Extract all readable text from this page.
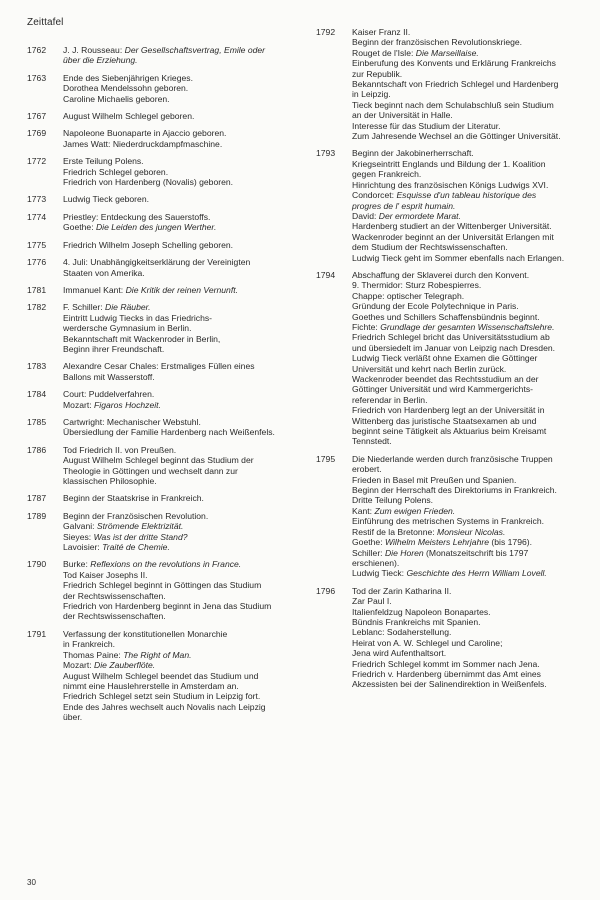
Zeittafel
1762	J. J. Rousseau: Der Gesellschaftsvertrag, Emile oder
über die Erziehung.
1763	Ende des Siebenjährigen Krieges.
Dorothea Mendelssohn geboren.
Caroline Michaelis geboren.
1767	August Wilhelm Schlegel geboren.
1769	Napoleone Buonaparte in Ajaccio geboren.
James Watt: Niederdruckdampfmaschine.
1772	Erste Teilung Polens.
Friedrich Schlegel geboren.
Friedrich von Hardenberg (Novalis) geboren.
1773	Ludwig Tieck geboren.
1774	Priestley: Entdeckung des Sauerstoffs.
Goethe: Die Leiden des jungen Werther.
1775	Friedrich Wilhelm Joseph Schelling geboren.
1776	4. Juli: Unabhängigkeitserklärung der Vereinigten
Staaten von Amerika.
1781	Immanuel Kant: Die Kritik der reinen Vernunft.
1782	F. Schiller: Die Räuber.
Eintritt Ludwig Tiecks in das Friedrichs-
werdersche Gymnasium in Berlin.
Bekanntschaft mit Wackenroder in Berlin,
Beginn ihrer Freundschaft.
1783	Alexandre Cesar Chales: Erstmaliges Füllen eines
Ballons mit Wasserstoff.
1784	Court: Puddelverfahren.
Mozart: Figaros Hochzeit.
1785	Cartwright: Mechanischer Webstuhl.
Übersiedlung der Familie Hardenberg nach Weißenfels.
1786	Tod Friedrich II. von Preußen.
August Wilhelm Schlegel beginnt das Studium der
Theologie in Göttingen und wechselt dann zur
klassischen Philosophie.
1787	Beginn der Staatskrise in Frankreich.
1789	Beginn der Französischen Revolution.
Galvani: Strömende Elektrizität.
Sieyes: Was ist der dritte Stand?
Lavoisier: Traité de Chemie.
1790	Burke: Reflexions on the revolutions in France.
Tod Kaiser Josephs II.
Friedrich Schlegel beginnt in Göttingen das Studium
der Rechtswissenschaften.
Friedrich von Hardenberg beginnt in Jena das Studium
der Rechtswissenschaften.
1791	Verfassung der konstitutionellen Monarchie
in Frankreich.
Thomas Paine: The Right of Man.
Mozart: Die Zauberflöte.
August Wilhelm Schlegel beendet das Studium und
nimmt eine Hauslehrerstelle in Amsterdam an.
Friedrich Schlegel setzt sein Studium in Leipzig fort.
Ende des Jahres wechselt auch Novalis nach Leipzig
über.
1792	Kaiser Franz II.
Beginn der französischen Revolutionskriege.
Rouget de l'Isle: Die Marseillaise.
Einberufung des Konvents und Erklärung Frankreichs
zur Republik.
Bekanntschaft von Friedrich Schlegel und Hardenberg
in Leipzig.
Tieck beginnt nach dem Schulabschluß sein Studium
an der Universität in Halle.
Interesse für das Studium der Literatur.
Zum Jahresende Wechsel an die Göttinger Universität.
1793	Beginn der Jakobinerherrschaft.
Kriegseintritt Englands und Bildung der 1. Koalition
gegen Frankreich.
Hinrichtung des französischen Königs Ludwigs XVI.
Condorcet: Esquisse d'un tableau historique des
progres de l' esprit humain.
David: Der ermordete Marat.
Hardenberg studiert an der Wittenberger Universität.
Wackenroder beginnt an der Universität Erlangen mit
dem Studium der Rechtswissenschaften.
Ludwig Tieck geht im Sommer ebenfalls nach Erlangen.
1794	Abschaffung der Sklaverei durch den Konvent.
9. Thermidor: Sturz Robespierres.
Chappe: optischer Telegraph.
Gründung der Ecole Polytechnique in Paris.
Goethes und Schillers Schaffensbündnis beginnt.
Fichte: Grundlage der gesamten Wissenschaftslehre.
Friedrich Schlegel bricht das Universitätsstudium ab
und übersiedelt im Januar von Leipzig nach Dresden.
Ludwig Tieck verläßt ohne Examen die Göttinger
Universität und kehrt nach Berlin zurück.
Wackenroder beendet das Rechtsstudium an der
Göttinger Universität und wird Kammergerichts-
referendar in Berlin.
Friedrich von Hardenberg legt an der Universität in
Wittenberg das juristische Staatsexamen ab und
beginnt seine Tätigkeit als Aktuarius beim Kreisamt
Tennstedt.
1795	Die Niederlande werden durch französische Truppen
erobert.
Frieden in Basel mit Preußen und Spanien.
Beginn der Herrschaft des Direktoriums in Frankreich.
Dritte Teilung Polens.
Kant: Zum ewigen Frieden.
Einführung des metrischen Systems in Frankreich.
Restif de la Bretonne: Monsieur Nicolas.
Goethe: Wilhelm Meisters Lehrjahre (bis 1796).
Schiller: Die Horen (Monatszeitschrift bis 1797
erschienen).
Ludwig Tieck: Geschichte des Herrn William Lovell.
1796	Tod der Zarin Katharina II.
Zar Paul I.
Italienfeldzug Napoleon Bonapartes.
Bündnis Frankreichs mit Spanien.
Leblanc: Sodaherstellung.
Heirat von A. W. Schlegel und Caroline;
Jena wird Aufenthaltsort.
Friedrich Schlegel kommt im Sommer nach Jena.
Friedrich v. Hardenberg übernimmt das Amt eines
Akzessisten bei der Salinendirektion in Weißenfels.
30
